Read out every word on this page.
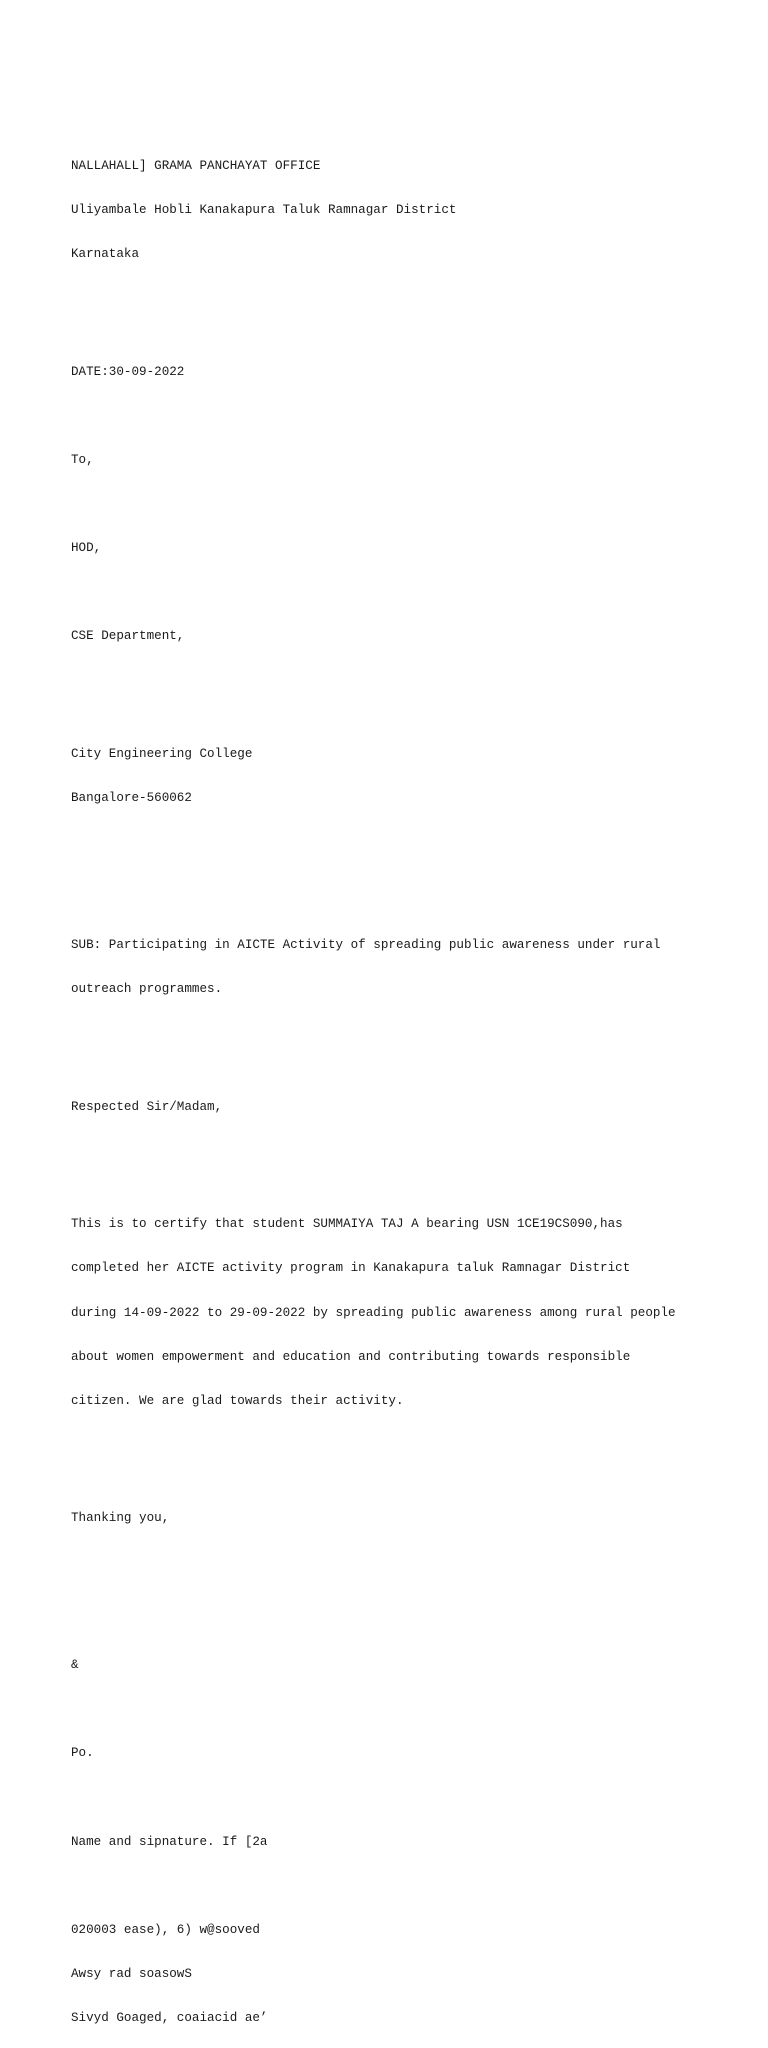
NALLAHALL] GRAMA PANCHAYAT OFFICE

Uliyambale Hobli Kanakapura Taluk Ramnagar District

Karnataka

DATE:30-09-2022

To,

HOD,

CSE Department,

City Engineering College

Bangalore-560062

SUB: Participating in AICTE Activity of spreading public awareness under rural

outreach programmes.

Respected Sir/Madam,

This is to certify that student SUMMAIYA TAJ A bearing USN 1CE19CS090,has

completed her AICTE activity program in Kanakapura taluk Ramnagar District

during 14-09-2022 to 29-09-2022 by spreading public awareness among rural people

about women empowerment and education and contributing towards responsible

citizen. We are glad towards their activity.

Thanking you,

&

Po.

Name and sipnature. If [2a

020003 ease), 6) w@sooved

Awsy rad soasowS

Sivyd Goaged, coaiacid ae’
